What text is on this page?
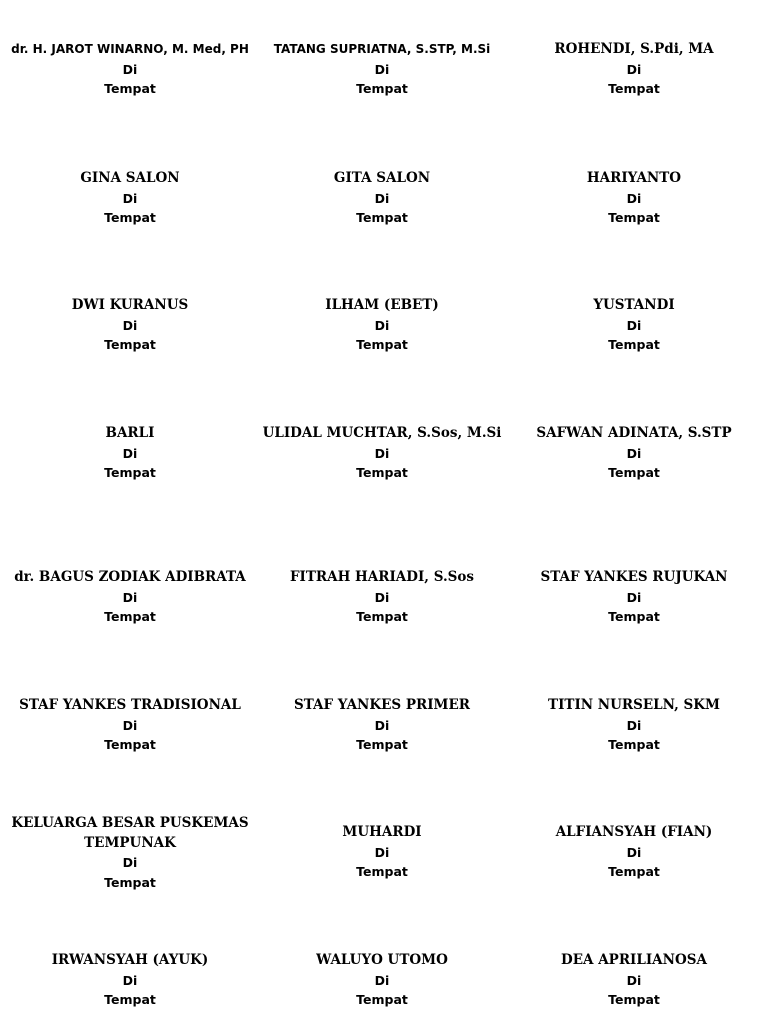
dr. H. JAROT WINARNO, M. Med, PH
Di
Tempat
TATANG SUPRIATNA, S.STP, M.Si
Di
Tempat
ROHENDI, S.Pdi, MA
Di
Tempat
GINA SALON
Di
Tempat
GITA SALON
Di
Tempat
HARIYANTO
Di
Tempat
DWI KURANUS
Di
Tempat
ILHAM (EBET)
Di
Tempat
YUSTANDI
Di
Tempat
BARLI
Di
Tempat
ULIDAL MUCHTAR, S.Sos, M.Si
Di
Tempat
SAFWAN ADINATA, S.STP
Di
Tempat
dr. BAGUS ZODIAK ADIBRATA
Di
Tempat
FITRAH HARIADI, S.Sos
Di
Tempat
STAF YANKES RUJUKAN
Di
Tempat
STAF YANKES TRADISIONAL
Di
Tempat
STAF YANKES PRIMER
Di
Tempat
TITIN NURSELN, SKM
Di
Tempat
KELUARGA BESAR PUSKEMAS TEMPUNAK
Di
Tempat
MUHARDI
Di
Tempat
ALFIANSYAH (FIAN)
Di
Tempat
IRWANSYAH (AYUK)
Di
Tempat
WALUYO UTOMO
Di
Tempat
DEA APRILIANOSA
Di
Tempat
